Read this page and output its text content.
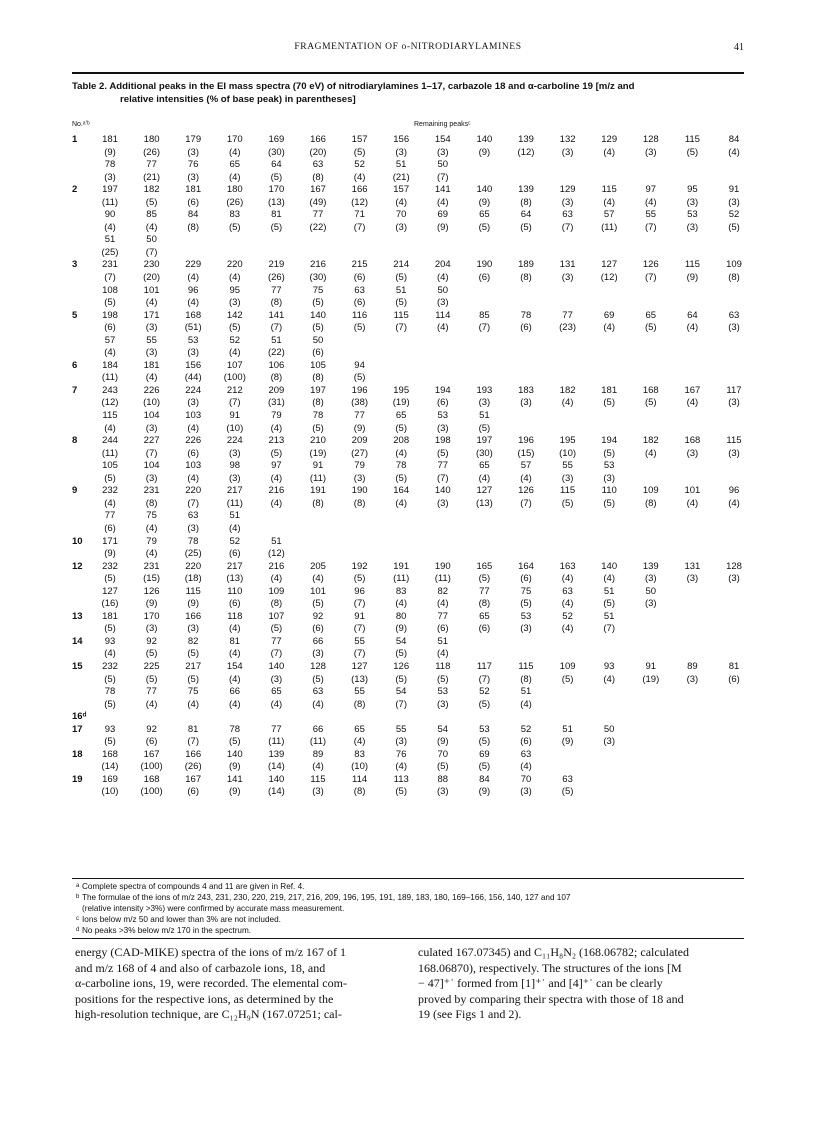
FRAGMENTATION OF o-NITRODIARYLAMINES	41
Table 2. Additional peaks in the EI mass spectra (70 eV) of nitrodiarylamines 1–17, carbazole 18 and α-carboline 19 [m/z and
relative intensities (% of base peak) in parentheses]
No.ᵃʼᵇ	Remaining peaksᶜ
1	181	180	179	170	169	166	157	156	154	140	139	132	129	128	115	84
(9)	(26)	(3)	(4)	(30)	(20)	(5)	(3)	(3)	(9)	(12)	(3)	(4)	(3)	(5)	(4)
78	77	76	65	64	63	52	51	50
(3)	(21)	(3)	(4)	(5)	(8)	(4)	(21)	(7)
2	197	182	181	180	170	167	166	157	141	140	139	129	115	97	95	91
(11)	(5)	(6)	(26)	(13)	(49)	(12)	(4)	(4)	(9)	(8)	(3)	(4)	(4)	(3)	(3)
90	85	84	83	81	77	71	70	69	65	64	63	57	55	53	52
(4)	(4)	(8)	(5)	(5)	(22)	(7)	(3)	(9)	(5)	(5)	(7)	(11)	(7)	(3)	(5)
51	50
(25)	(7)
3	231	230	229	220	219	216	215	214	204	190	189	131	127	126	115	109
(7)	(20)	(4)	(4)	(26)	(30)	(6)	(5)	(4)	(6)	(8)	(3)	(12)	(7)	(9)	(8)
108	101	96	95	77	75	63	51	50
(5)	(4)	(4)	(3)	(8)	(5)	(6)	(5)	(3)
5	198	171	168	142	141	140	116	115	114	85	78	77	69	65	64	63
(6)	(3)	(51)	(5)	(7)	(5)	(5)	(7)	(4)	(7)	(6)	(23)	(4)	(5)	(4)	(3)
57	55	53	52	51	50
(4)	(3)	(3)	(4)	(22)	(6)
6	184	181	156	107	106	105	94
(11)	(4)	(44)	(100)	(8)	(8)	(5)
7	243	226	224	212	209	197	196	195	194	193	183	182	181	168	167	117
(12)	(10)	(3)	(7)	(31)	(8)	(38)	(19)	(6)	(3)	(3)	(4)	(5)	(5)	(4)	(3)
115	104	103	91	79	78	77	65	53	51
(4)	(3)	(4)	(10)	(4)	(5)	(9)	(5)	(3)	(5)
8	244	227	226	224	213	210	209	208	198	197	196	195	194	182	168	115
(11)	(7)	(6)	(3)	(5)	(19)	(27)	(4)	(5)	(30)	(15)	(10)	(5)	(4)	(3)	(3)
105	104	103	98	97	91	79	78	77	65	57	55	53
(5)	(3)	(4)	(3)	(4)	(11)	(3)	(5)	(7)	(4)	(4)	(3)	(3)
9	232	231	220	217	216	191	190	164	140	127	126	115	110	109	101	96
(4)	(8)	(7)	(11)	(4)	(8)	(8)	(4)	(3)	(13)	(7)	(5)	(5)	(8)	(4)	(4)
77	75	63	51
(6)	(4)	(3)	(4)
10	171	79	78	52	51
(9)	(4)	(25)	(6)	(12)
12	232	231	220	217	216	205	192	191	190	165	164	163	140	139	131	128
(5)	(15)	(18)	(13)	(4)	(4)	(5)	(11)	(11)	(5)	(6)	(4)	(4)	(3)	(3)	(3)
127	126	115	110	109	101	96	83	82	77	75	63	51	50
(16)	(9)	(9)	(6)	(8)	(5)	(7)	(4)	(4)	(8)	(5)	(4)	(5)	(3)
13	181	170	166	118	107	92	91	80	77	65	53	52	51
(5)	(3)	(3)	(4)	(5)	(6)	(7)	(9)	(6)	(6)	(3)	(4)	(7)
14	93	92	82	81	77	66	55	54	51
(4)	(5)	(5)	(4)	(7)	(3)	(7)	(5)	(4)
15	232	225	217	154	140	128	127	126	118	117	115	109	93	91	89	81
(5)	(5)	(5)	(4)	(3)	(5)	(13)	(5)	(5)	(7)	(8)	(5)	(4)	(19)	(3)	(6)
78	77	75	66	65	63	55	54	53	52	51
(5)	(4)	(4)	(4)	(4)	(4)	(8)	(7)	(3)	(5)	(4)
16ᵈ
17	93	92	81	78	77	66	65	55	54	53	52	51	50
(5)	(6)	(7)	(5)	(11)	(11)	(4)	(3)	(9)	(5)	(6)	(9)	(3)
18	168	167	166	140	139	89	83	76	70	69	63
(14)	(100)	(26)	(9)	(14)	(4)	(10)	(4)	(5)	(5)	(4)
19	169	168	167	141	140	115	114	113	88	84	70	63
(10)	(100)	(6)	(9)	(14)	(3)	(8)	(5)	(3)	(9)	(3)	(5)
a Complete spectra of compounds 4 and 11 are given in Ref. 4.
b The formulae of the ions of m/z 243, 231, 230, 220, 219, 217, 216, 209, 196, 195, 191, 189, 183, 180, 169–166, 156, 140, 127 and 107
(relative intensity >3%) were confirmed by accurate mass measurement.
c Ions below m/z 50 and lower than 3% are not included.
d No peaks >3% below m/z 170 in the spectrum.
energy (CAD-MIKE) spectra of the ions of m/z 167 of 1
and m/z 168 of 4 and also of carbazole ions, 18, and
α-carboline ions, 19, were recorded. The elemental com-
positions for the respective ions, as determined by the
high-resolution technique, are C₁₂H₉N (167.07251; cal-
culated 167.07345) and C₁₁H₈N₂ (168.06782; calculated
168.06870), respectively. The structures of the ions [M
− 47]⁺˙ formed from [1]⁺˙ and [4]⁺˙ can be clearly
proved by comparing their spectra with those of 18 and
19 (see Figs 1 and 2).
